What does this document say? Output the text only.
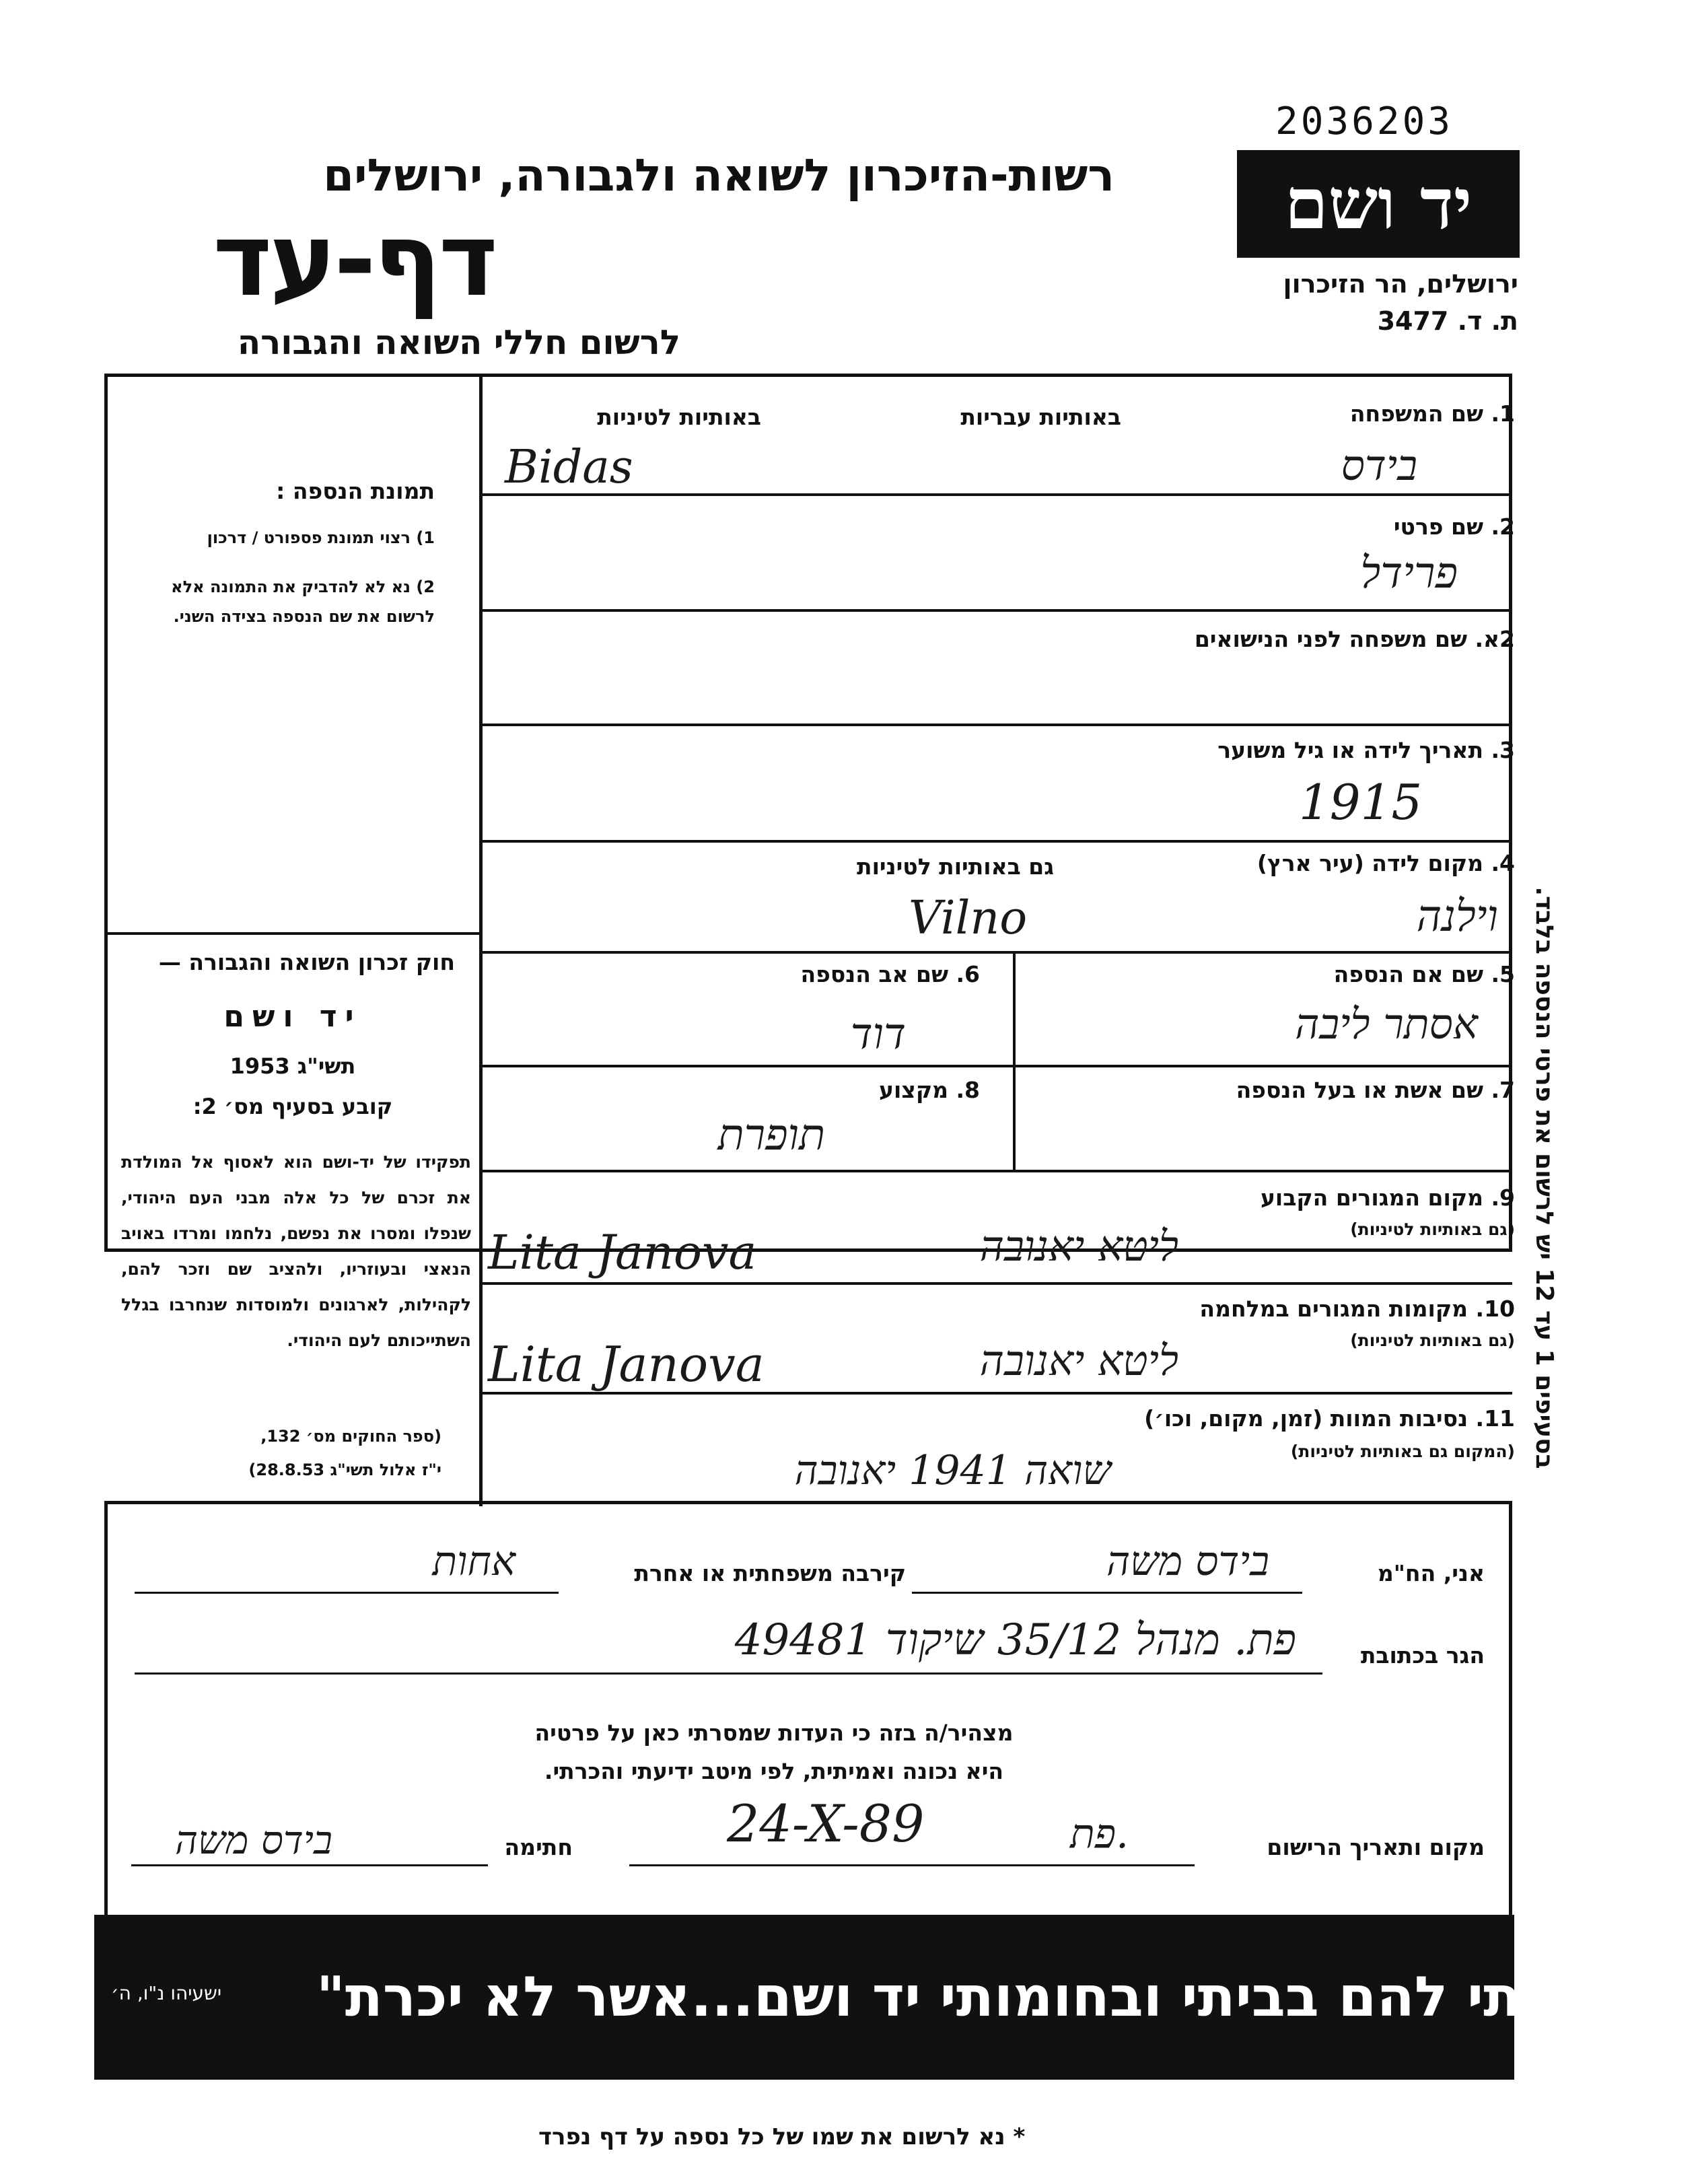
2036203
יד ושם
ירושלים, הר הזיכרון
ת. ד. 3477
רשות-הזיכרון לשואה ולגבורה, ירושלים
דף-עד
לרשום חללי השואה והגבורה
תמונת הנספה :
1) רצוי תמונת פספורט / דרכון
2) נא לא להדביק את התמונה אלא לרשום את שם הנספה בצידה השני.
חוק זכרון השואה והגבורה —
יד ושם
תשי"ג 1953
קובע בסעיף מס׳ 2:
תפקידו של יד-ושם הוא לאסוף אל המולדת את זכרם של כל אלה מבני העם היהודי, שנפלו ומסרו את נפשם, נלחמו ומרדו באויב הנאצי ובעוזריו, ולהציב שם וזכר להם, לקהילות, לארגונים ולמוסדות שנחרבו בגלל השתייכותם לעם היהודי.
(ספר החוקים מס׳ 132,
י"ז אלול תשי"ג 28.8.53)
1. שם המשפחה
באותיות עבריות
באותיות לטיניות
בידס
Bidas
2. שם פרטי
פרידל
2א. שם משפחה לפני הנישואים
3. תאריך לידה או גיל משוער
1915
4. מקום לידה (עיר ארץ)
גם באותיות לטיניות
וילנה
Vilno
5. שם אם הנספה
אסתר ליבה
6. שם אב הנספה
דוד
7. שם אשת או בעל הנספה
8. מקצוע
תופרת
9. מקום המגורים הקבוע
(גם באותיות לטיניות)
ליטא יאנובה
Lita Janova
10. מקומות המגורים במלחמה
(גם באותיות לטיניות)
ליטא יאנובה
Lita Janova
11. נסיבות המוות (זמן, מקום, וכו׳)
(המקום גם באותיות לטיניות)
שואה 1941 יאנובה
בסעיפים 1 עד 12 יש לרשום את פרטי הנספה בלבד.
אני, הח"מ
בידס משה
קירבה משפחתית או אחרת
אחות
הגר בכתובת
פת. מנהל 35/12 שיקוד 49481
מצהיר/ה בזה כי העדות שמסרתי כאן על פרטיה
היא נכונה ואמיתית, לפי מיטב ידיעתי והכרתי.
מקום ותאריך הרישום
פת.
24-X-89
חתימה
בידס משה
"...ונתתי להם בביתי ובחומותי יד ושם...אשר לא יכרת"
ישעיהו נ"ו, ה׳
* נא לרשום את שמו של כל נספה על דף נפרד
